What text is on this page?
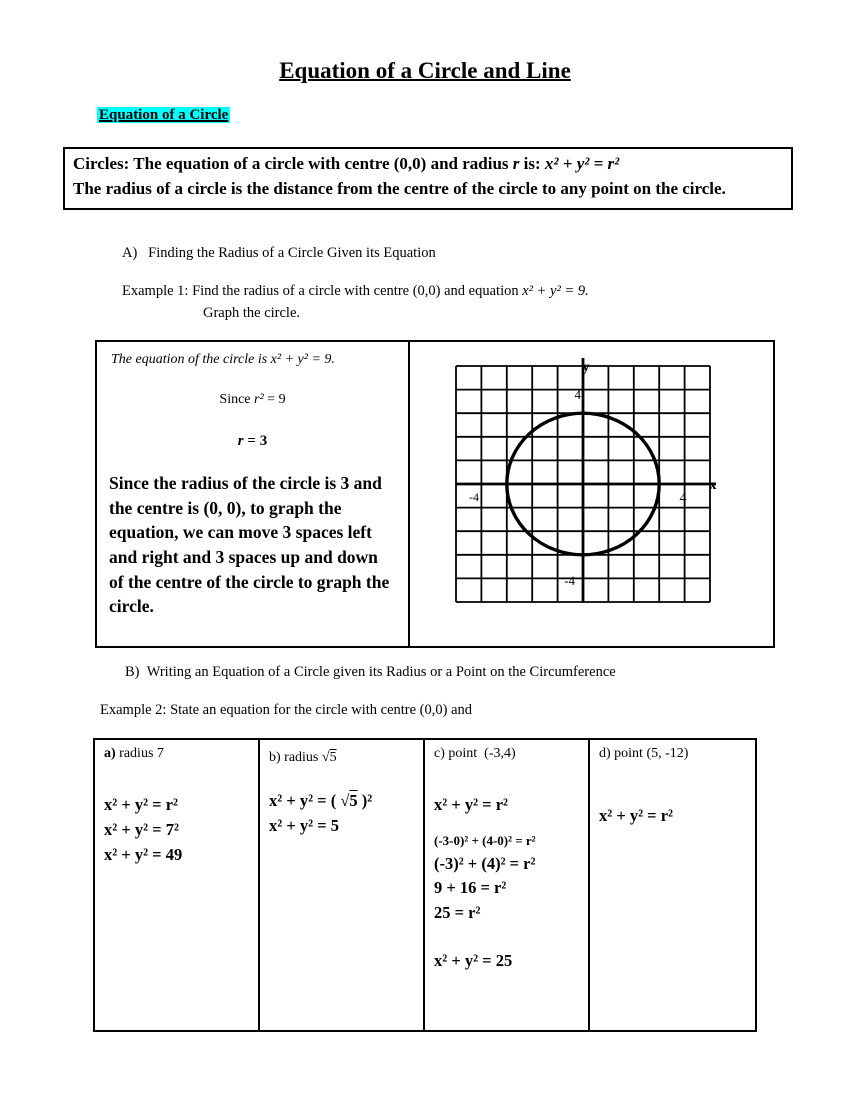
Equation of a Circle and Line
Equation of a Circle
Circles: The equation of a circle with centre (0,0) and radius r is: x² + y² = r²
The radius of a circle is the distance from the centre of the circle to any point on the circle.
A)   Finding the Radius of a Circle Given its Equation
Example 1: Find the radius of a circle with centre (0,0) and equation x² + y² = 9.
Graph the circle.
The equation of the circle is x² + y² = 9.
Since r² = 9
r = 3
Since the radius of the circle is 3 and the centre is (0, 0), to graph the equation, we can move 3 spaces left and right and 3 spaces up and down of the centre of the circle to graph the circle.
4
y
-4	4
x
-4
B)  Writing an Equation of a Circle given its Radius or a Point on the Circumference
Example 2: State an equation for the circle with centre (0,0) and
a) radius 7
x² + y² = r²
x² + y² = 7²
x² + y² = 49
b) radius √5
x² + y² = ( √5 )²
x² + y² = 5
c) point  (-3,4)
x² + y² = r²
(-3-0)² + (4-0)² = r²
(-3)² + (4)² = r²
9 + 16 = r²
25 = r²
x² + y² = 25
d) point (5, -12)
x² + y² = r²
